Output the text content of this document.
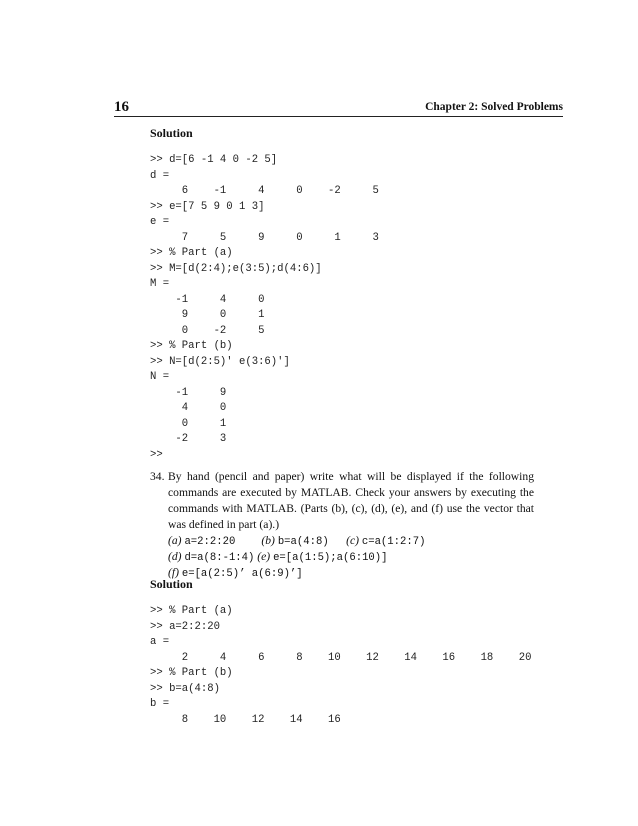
16	Chapter 2: Solved Problems
Solution
>> d=[6 -1 4 0 -2 5]
d =
6    -1     4     0    -2     5
>> e=[7 5 9 0 1 3]
e =
7     5     9     0     1     3
>> % Part (a)
>> M=[d(2:4);e(3:5);d(4:6)]
M =
-1     4     0
9     0     1
0    -2     5
>> % Part (b)
>> N=[d(2:5)' e(3:6)']
N =
-1     9
4     0
0     1
-2     3
>>
34. By hand (pencil and paper) write what will be displayed if the following commands are executed by MATLAB. Check your answers by executing the commands with MATLAB. (Parts (b), (c), (d), (e), and (f) use the vector that was defined in part (a).)
(a) a=2:2:20 (b) b=a(4:8) (c) c=a(1:2:7)
(d) d=a(8:-1:4) (e) e=[a(1:5);a(6:10)]
(f) e=[a(2:5)’ a(6:9)’]
Solution
>> % Part (a)
>> a=2:2:20
a =
2     4     6     8    10    12    14    16    18    20
>> % Part (b)
>> b=a(4:8)
b =
8    10    12    14    16
